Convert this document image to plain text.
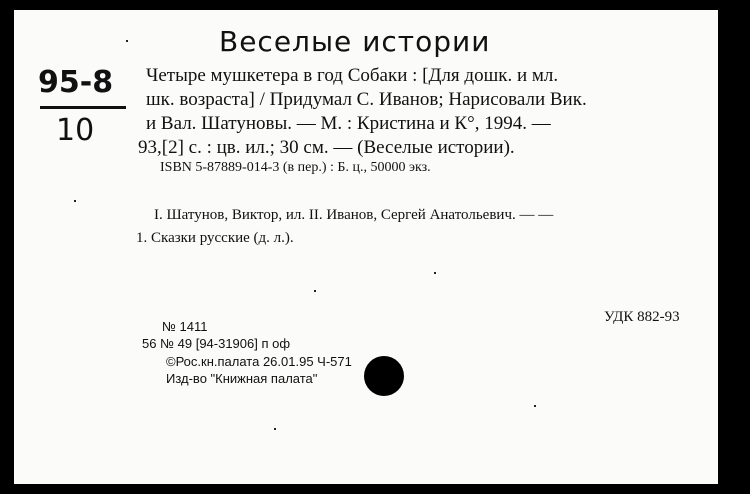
Веселые истории
95-8
10
Четыре мушкетера в год Собаки : [Для дошк. и мл.
шк. возраста] / Придумал С. Иванов; Нарисовали Вик.
и Вал. Шатуновы. — М. : Кристина и К°, 1994. —
93,[2] с. : цв. ил.; 30 см. — (Веселые истории).
ISBN 5-87889-014-3 (в пер.) : Б. ц., 50000 экз.
I. Шатунов, Виктор, ил. II. Иванов, Сергей Анатольевич. — —
1. Сказки русские (д. л.).
УДК 882-93
№ 1411
56 № 49 [94-31906] п оф
©Рос.кн.палата 26.01.95 Ч-571
Изд-во "Книжная палата"
